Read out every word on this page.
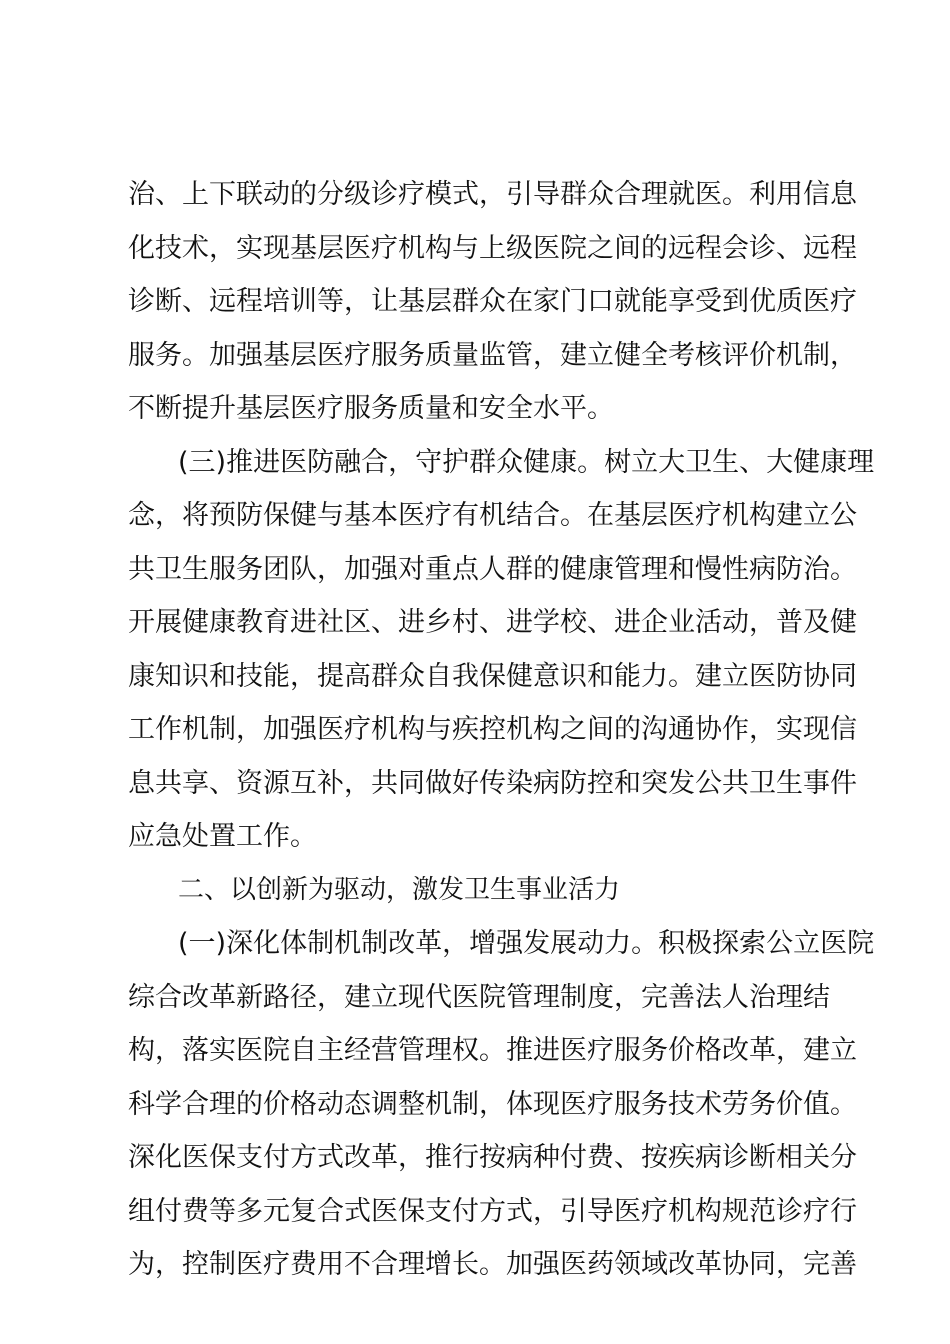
治、上下联动的分级诊疗模式，引导群众合理就医。利用信息
化技术，实现基层医疗机构与上级医院之间的远程会诊、远程
诊断、远程培训等，让基层群众在家门口就能享受到优质医疗
服务。加强基层医疗服务质量监管，建立健全考核评价机制，
不断提升基层医疗服务质量和安全水平。
(三)推进医防融合，守护群众健康。树立大卫生、大健康理
念，将预防保健与基本医疗有机结合。在基层医疗机构建立公
共卫生服务团队，加强对重点人群的健康管理和慢性病防治。
开展健康教育进社区、进乡村、进学校、进企业活动，普及健
康知识和技能，提高群众自我保健意识和能力。建立医防协同
工作机制，加强医疗机构与疾控机构之间的沟通协作，实现信
息共享、资源互补，共同做好传染病防控和突发公共卫生事件
应急处置工作。
二、以创新为驱动，激发卫生事业活力
(一)深化体制机制改革，增强发展动力。积极探索公立医院
综合改革新路径，建立现代医院管理制度，完善法人治理结
构，落实医院自主经营管理权。推进医疗服务价格改革，建立
科学合理的价格动态调整机制，体现医疗服务技术劳务价值。
深化医保支付方式改革，推行按病种付费、按疾病诊断相关分
组付费等多元复合式医保支付方式，引导医疗机构规范诊疗行
为，控制医疗费用不合理增长。加强医药领域改革协同，完善
